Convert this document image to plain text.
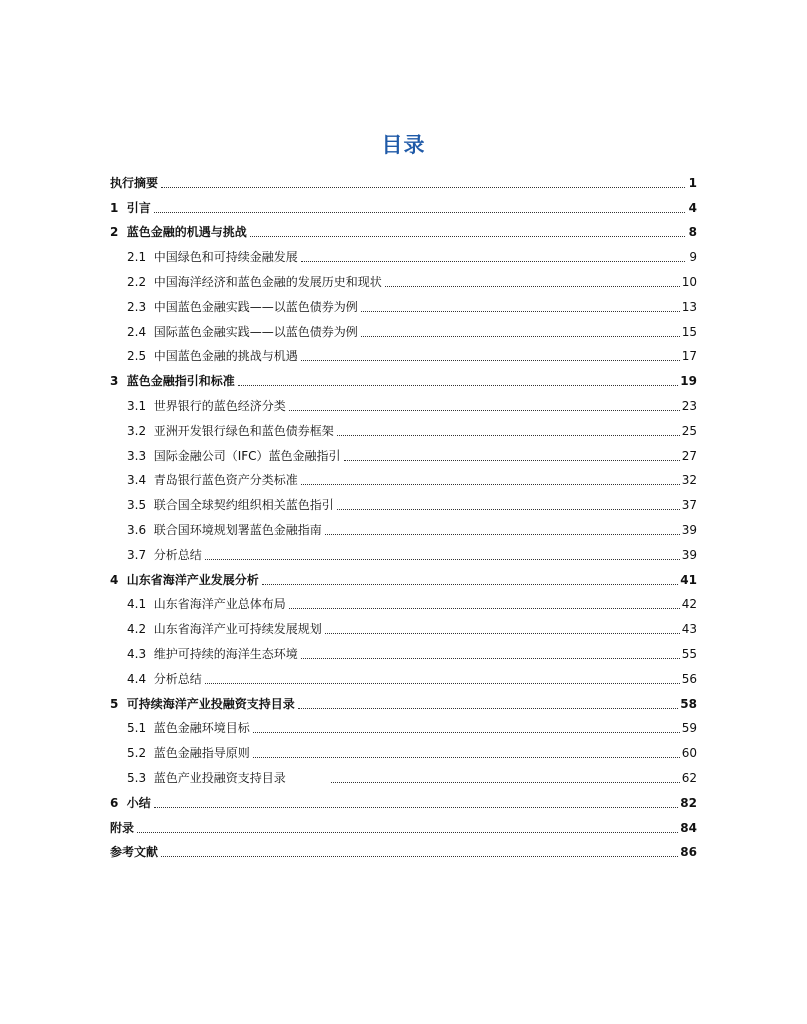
目录
执行摘要	1
1 引言	4
2 蓝色金融的机遇与挑战	8
2.1 中国绿色和可持续金融发展	9
2.2 中国海洋经济和蓝色金融的发展历史和现状	10
2.3 中国蓝色金融实践——以蓝色债券为例	13
2.4 国际蓝色金融实践——以蓝色债券为例	15
2.5 中国蓝色金融的挑战与机遇	17
3 蓝色金融指引和标准	19
3.1 世界银行的蓝色经济分类	23
3.2 亚洲开发银行绿色和蓝色债券框架	25
3.3 国际金融公司（IFC）蓝色金融指引	27
3.4 青岛银行蓝色资产分类标准	32
3.5 联合国全球契约组织相关蓝色指引	37
3.6 联合国环境规划署蓝色金融指南	39
3.7 分析总结	39
4 山东省海洋产业发展分析	41
4.1 山东省海洋产业总体布局	42
4.2 山东省海洋产业可持续发展规划	43
4.3 维护可持续的海洋生态环境	55
4.4 分析总结	56
5 可持续海洋产业投融资支持目录	58
5.1 蓝色金融环境目标	59
5.2 蓝色金融指导原则	60
5.3 蓝色产业投融资支持目录	62
6 小结	82
附录	84
参考文献	86
